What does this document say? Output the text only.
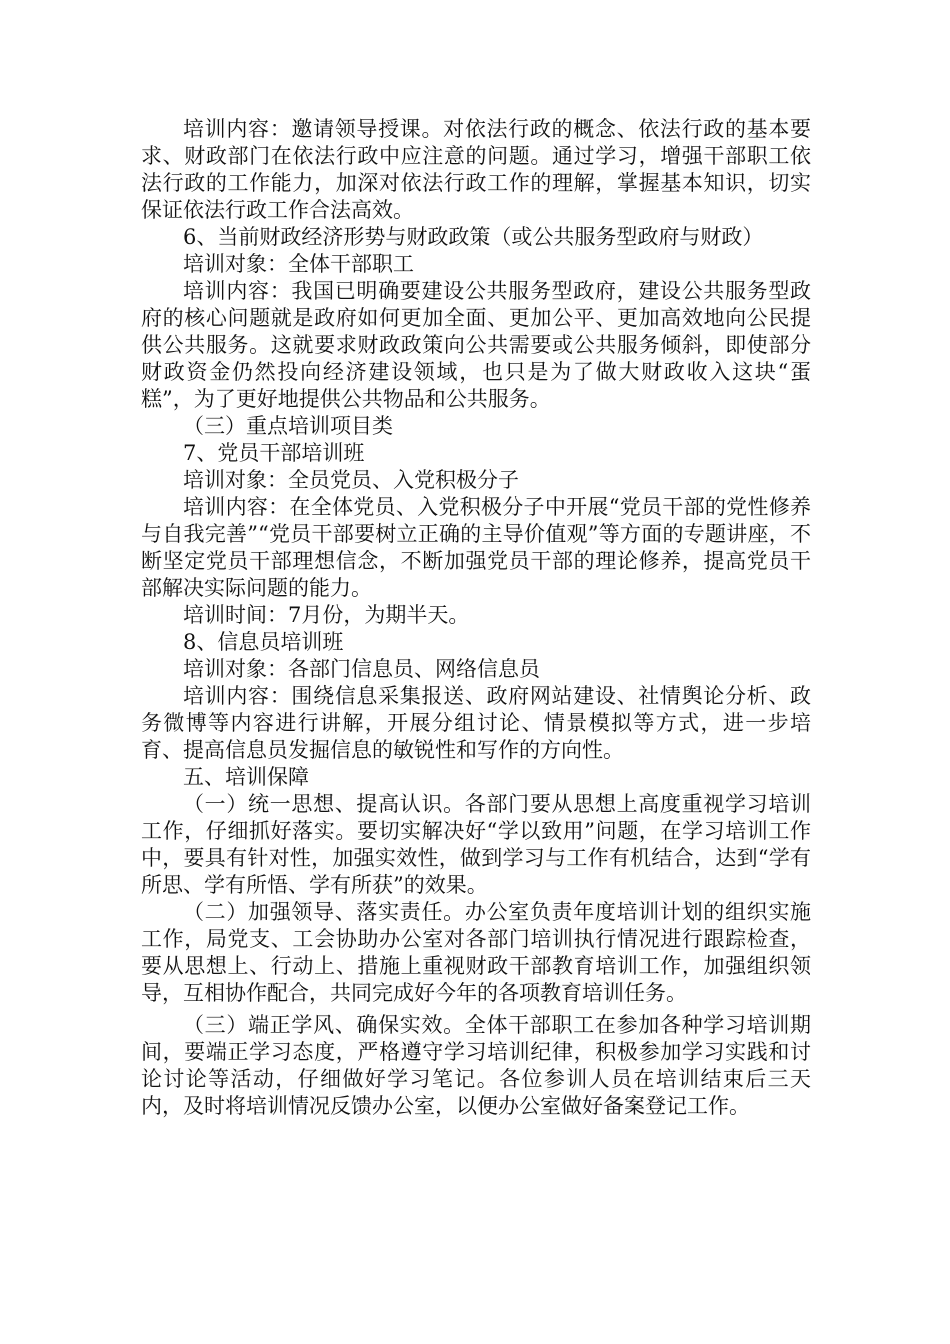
培训内容：邀请领导授课。对依法行政的概念、依法行政的基本要求、财政部门在依法行政中应注意的问题。通过学习，增强干部职工依法行政的工作能力，加深对依法行政工作的理解，掌握基本知识，切实保证依法行政工作合法高效。

6、当前财政经济形势与财政政策（或公共服务型政府与财政）

培训对象：全体干部职工

培训内容：我国已明确要建设公共服务型政府，建设公共服务型政府的核心问题就是政府如何更加全面、更加公平、更加高效地向公民提供公共服务。这就要求财政政策向公共需要或公共服务倾斜，即使部分财政资金仍然投向经济建设领域，也只是为了做大财政收入这块“蛋糕”，为了更好地提供公共物品和公共服务。

（三）重点培训项目类

7、党员干部培训班

培训对象：全员党员、入党积极分子

培训内容：在全体党员、入党积极分子中开展“党员干部的党性修养与自我完善”“党员干部要树立正确的主导价值观”等方面的专题讲座，不断坚定党员干部理想信念，不断加强党员干部的理论修养，提高党员干部解决实际问题的能力。

培训时间：7月份，为期半天。

8、信息员培训班

培训对象：各部门信息员、网络信息员

培训内容：围绕信息采集报送、政府网站建设、社情舆论分析、政务微博等内容进行讲解，开展分组讨论、情景模拟等方式，进一步培育、提高信息员发掘信息的敏锐性和写作的方向性。

五、培训保障

（一）统一思想、提高认识。各部门要从思想上高度重视学习培训工作，仔细抓好落实。要切实解决好“学以致用”问题，在学习培训工作中，要具有针对性，加强实效性，做到学习与工作有机结合，达到“学有所思、学有所悟、学有所获”的效果。

（二）加强领导、落实责任。办公室负责年度培训计划的组织实施工作，局党支、工会协助办公室对各部门培训执行情况进行跟踪检查，要从思想上、行动上、措施上重视财政干部教育培训工作，加强组织领导，互相协作配合，共同完成好今年的各项教育培训任务。

（三）端正学风、确保实效。全体干部职工在参加各种学习培训期间，要端正学习态度，严格遵守学习培训纪律，积极参加学习实践和讨论讨论等活动，仔细做好学习笔记。各位参训人员在培训结束后三天内，及时将培训情况反馈办公室，以便办公室做好备案登记工作。
